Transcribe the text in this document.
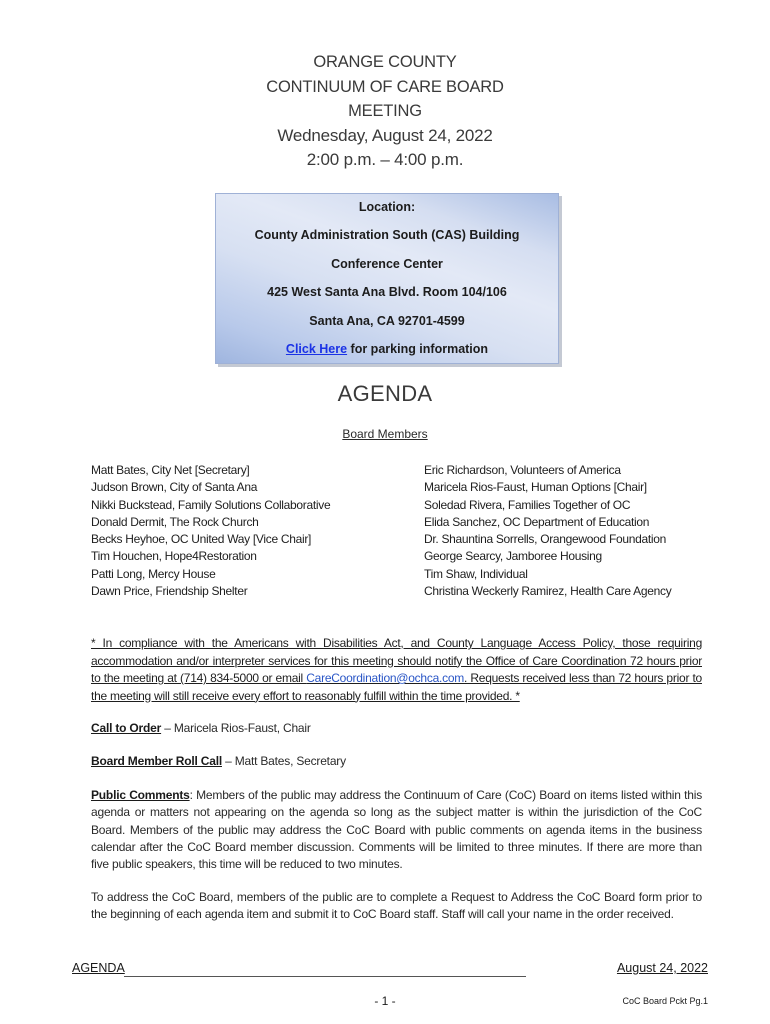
ORANGE COUNTY
CONTINUUM OF CARE BOARD
MEETING
Wednesday, August 24, 2022
2:00 p.m. – 4:00 p.m.
Location:
County Administration South (CAS) Building
Conference Center
425 West Santa Ana Blvd. Room 104/106
Santa Ana, CA 92701-4599
Click Here for parking information
AGENDA
Board Members
Matt Bates, City Net [Secretary]
Judson Brown, City of Santa Ana
Nikki Buckstead, Family Solutions Collaborative
Donald Dermit, The Rock Church
Becks Heyhoe, OC United Way [Vice Chair]
Tim Houchen, Hope4Restoration
Patti Long, Mercy House
Dawn Price, Friendship Shelter
Eric Richardson, Volunteers of America
Maricela Rios-Faust, Human Options [Chair]
Soledad Rivera, Families Together of OC
Elida Sanchez, OC Department of Education
Dr. Shauntina Sorrells, Orangewood Foundation
George Searcy, Jamboree Housing
Tim Shaw, Individual
Christina Weckerly Ramirez, Health Care Agency
* In compliance with the Americans with Disabilities Act, and County Language Access Policy, those requiring accommodation and/or interpreter services for this meeting should notify the Office of Care Coordination 72 hours prior to the meeting at (714) 834-5000 or email CareCoordination@ochca.com. Requests received less than 72 hours prior to the meeting will still receive every effort to reasonably fulfill within the time provided. *
Call to Order – Maricela Rios-Faust, Chair
Board Member Roll Call – Matt Bates, Secretary
Public Comments: Members of the public may address the Continuum of Care (CoC) Board on items listed within this agenda or matters not appearing on the agenda so long as the subject matter is within the jurisdiction of the CoC Board. Members of the public may address the CoC Board with public comments on agenda items in the business calendar after the CoC Board member discussion. Comments will be limited to three minutes. If there are more than five public speakers, this time will be reduced to two minutes.
To address the CoC Board, members of the public are to complete a Request to Address the CoC Board form prior to the beginning of each agenda item and submit it to CoC Board staff. Staff will call your name in the order received.
AGENDA	August 24, 2022
- 1 -	CoC Board Pckt Pg.1
